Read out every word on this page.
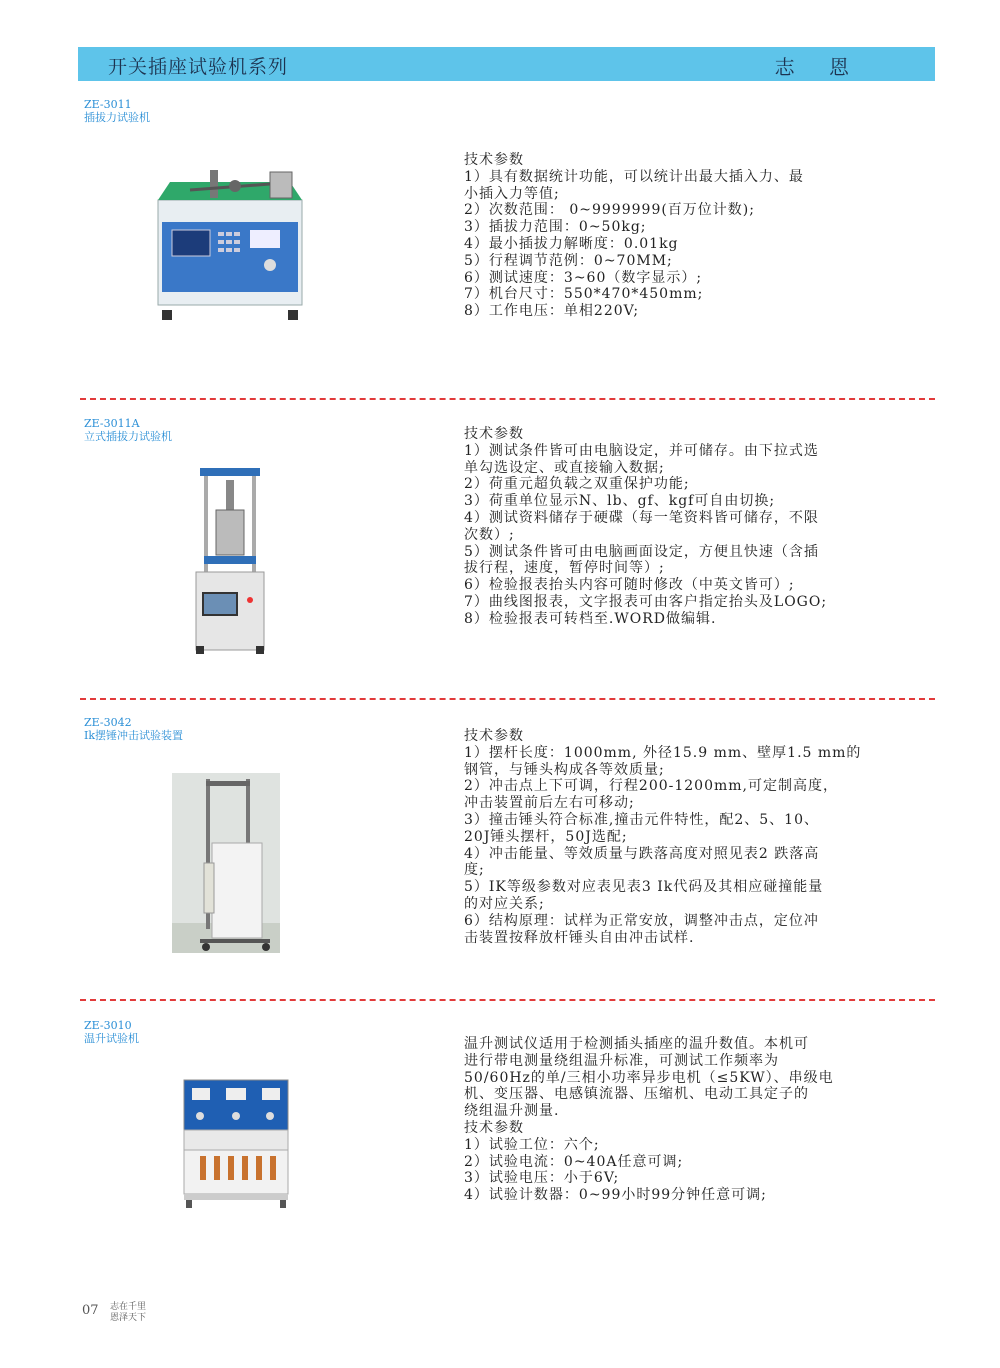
开关插座试验机系列	志 恩
ZE-3011
插拔力试验机
技术参数
1）具有数据统计功能，可以统计出最大插入力、最
小插入力等值;
2）次数范围： 0~9999999(百万位计数);
3）插拔力范围：0~50kg;
4）最小插拔力解晰度：0.01kg
5）行程调节范例：0~70MM;
6）测试速度：3~60（数字显示）;
7）机台尺寸：550*470*450mm;
8）工作电压：单相220V;
ZE-3011A
立式插拔力试验机	技术参数
1）测试条件皆可由电脑设定，并可储存。由下拉式选
单勾选设定、或直接输入数据;
2）荷重元超负载之双重保护功能;
3）荷重单位显示N、lb、gf、kgf可自由切换;
4）测试资料储存于硬碟（每一笔资料皆可储存，不限
次数）;
5）测试条件皆可由电脑画面设定，方便且快速（含插
拔行程，速度，暂停时间等）;
6）检验报表抬头内容可随时修改（中英文皆可）;
7）曲线图报表，文字报表可由客户指定抬头及LOGO;
8）检验报表可转档至.WORD做编辑.
ZE-3042
Ik摆锤冲击试验装置	技术参数
1）摆杆长度：1000mm, 外径15.9 mm、壁厚1.5 mm的
钢管，与锤头构成各等效质量;
2）冲击点上下可调，行程200-1200mm,可定制高度，
冲击装置前后左右可移动;
3）撞击锤头符合标准,撞击元件特性，配2、5、10、
20J锤头摆杆，50J选配;
4）冲击能量、等效质量与跌落高度对照见表2 跌落高
度;
5）IK等级参数对应表见表3 Ik代码及其相应碰撞能量
的对应关系;
6）结构原理：试样为正常安放，调整冲击点，定位冲
击装置按释放杆锤头自由冲击试样.
ZE-3010
温升试验机	温升测试仪适用于检测插头插座的温升数值。本机可
进行带电测量绕组温升标准，可测试工作频率为
50/60Hz的单/三相小功率异步电机（≤5KW）、串级电
机、变压器、电感镇流器、压缩机、电动工具定子的
绕组温升测量.
技术参数
1）试验工位：六个;
2）试验电流：0~40A任意可调;
3）试验电压：小于6V;
4）试验计数器：0~99小时99分钟任意可调;
07 志在千里
恩泽天下
